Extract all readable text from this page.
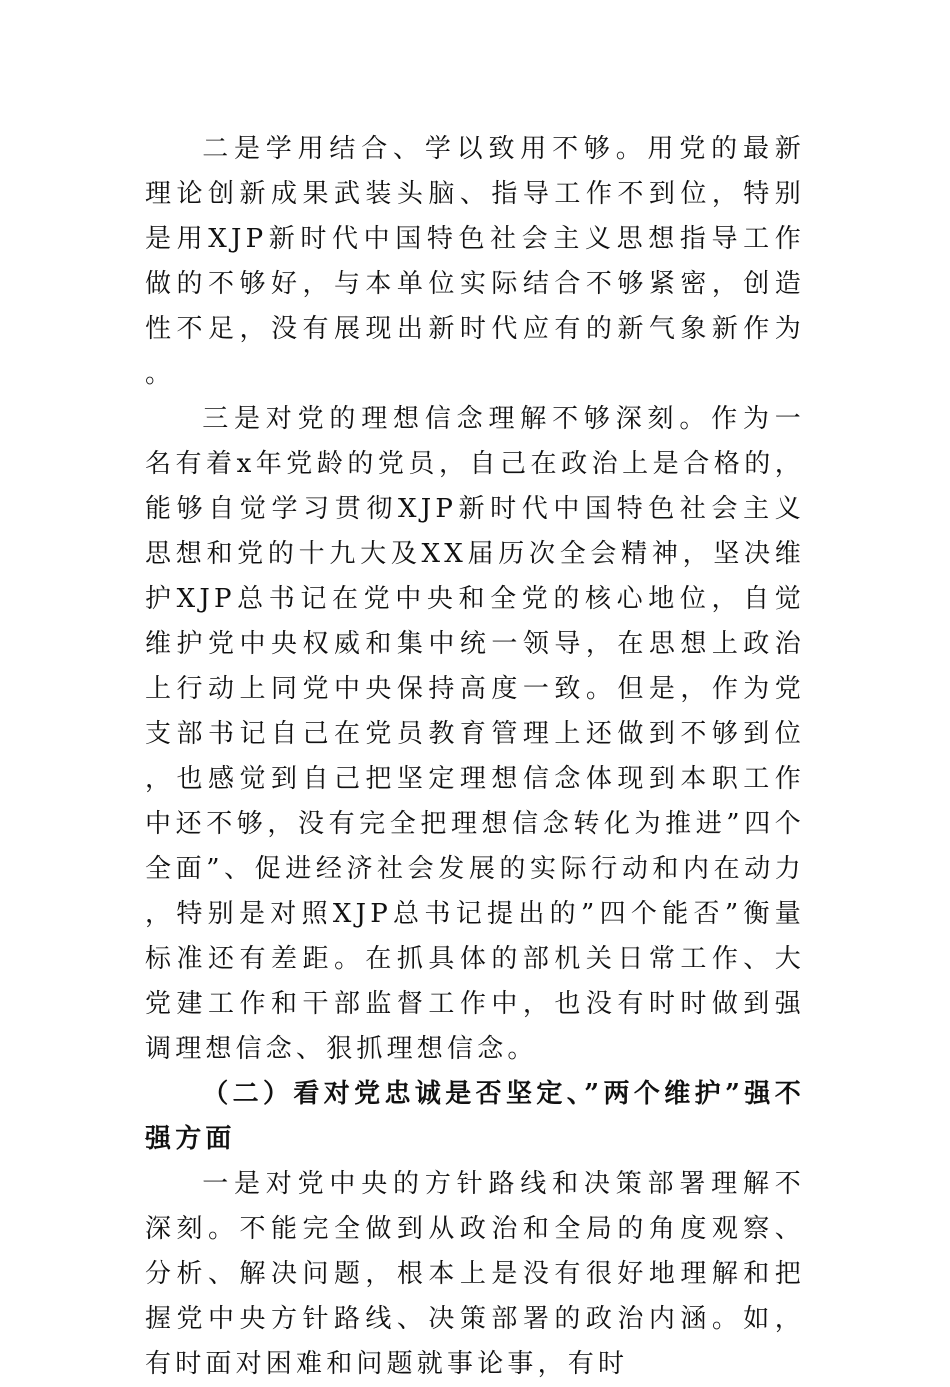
二是学用结合、学以致用不够。用党的最新理论创新成果武装头脑、指导工作不到位，特别是用XJP新时代中国特色社会主义思想指导工作做的不够好，与本单位实际结合不够紧密，创造性不足，没有展现出新时代应有的新气象新作为。

三是对党的理想信念理解不够深刻。作为一名有着x年党龄的党员，自己在政治上是合格的，能够自觉学习贯彻XJP新时代中国特色社会主义思想和党的十九大及XX届历次全会精神，坚决维护XJP总书记在党中央和全党的核心地位，自觉维护党中央权威和集中统一领导，在思想上政治上行动上同党中央保持高度一致。但是，作为党支部书记自己在党员教育管理上还做到不够到位，也感觉到自己把坚定理想信念体现到本职工作中还不够，没有完全把理想信念转化为推进”四个全面”、促进经济社会发展的实际行动和内在动力，特别是对照XJP总书记提出的”四个能否”衡量标准还有差距。在抓具体的部机关日常工作、大党建工作和干部监督工作中，也没有时时做到强调理想信念、狠抓理想信念。

（二）看对党忠诚是否坚定、”两个维护”强不强方面

一是对党中央的方针路线和决策部署理解不深刻。不能完全做到从政治和全局的角度观察、分析、解决问题，根本上是没有很好地理解和把握党中央方针路线、决策部署的政治内涵。如，有时面对困难和问题就事论事，有时
